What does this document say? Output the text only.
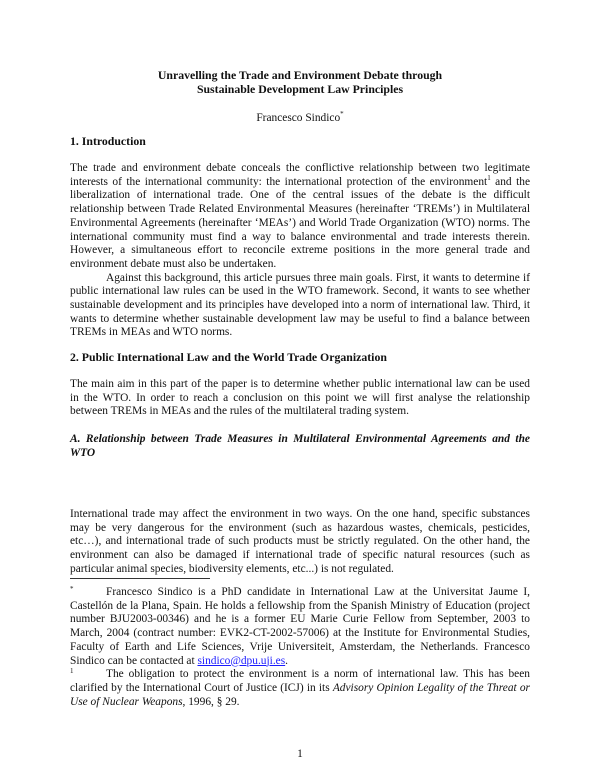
Unravelling the Trade and Environment Debate through
Sustainable Development Law Principles
Francesco Sindico*
1. Introduction
The trade and environment debate conceals the conflictive relationship between two legitimate interests of the international community: the international protection of the environment$^1$ and the liberalization of international trade. One of the central issues of the debate is the difficult relationship between Trade Related Environmental Measures (hereinafter ‘TREMs’) in Multilateral Environmental Agreements (hereinafter ‘MEAs’) and World Trade Organization (WTO) norms. The international community must find a way to balance environmental and trade interests therein. However, a simultaneous effort to reconcile extreme positions in the more general trade and environment debate must also be undertaken.
Against this background, this article pursues three main goals. First, it wants to determine if public international law rules can be used in the WTO framework. Second, it wants to see whether sustainable development and its principles have developed into a norm of international law. Third, it wants to determine whether sustainable development law may be useful to find a balance between TREMs in MEAs and WTO norms.
2. Public International Law and the World Trade Organization
The main aim in this part of the paper is to determine whether public international law can be used in the WTO. In order to reach a conclusion on this point we will first analyse the relationship between TREMs in MEAs and the rules of the multilateral trading system.
A. Relationship between Trade Measures in Multilateral Environmental Agreements and the WTO
International trade may affect the environment in two ways. On the one hand, specific substances may be very dangerous for the environment (such as hazardous wastes, chemicals, pesticides, etc…), and international trade of such products must be strictly regulated. On the other hand, the environment can also be damaged if international trade of specific natural resources (such as particular animal species, biodiversity elements, etc...) is not regulated.
*	Francesco Sindico is a PhD candidate in International Law at the Universitat Jaume I, Castellón de la Plana, Spain. He holds a fellowship from the Spanish Ministry of Education (project number BJU2003-00346) and he is a former EU Marie Curie Fellow from September, 2003 to March, 2004 (contract number: EVK2-CT-2002-57006) at the Institute for Environmental Studies, Faculty of Earth and Life Sciences, Vrije Universiteit, Amsterdam, the Netherlands. Francesco Sindico can be contacted at sindico@dpu.uji.es.
1	The obligation to protect the environment is a norm of international law. This has been clarified by the International Court of Justice (ICJ) in its Advisory Opinion Legality of the Threat or Use of Nuclear Weapons, 1996, § 29.
1
